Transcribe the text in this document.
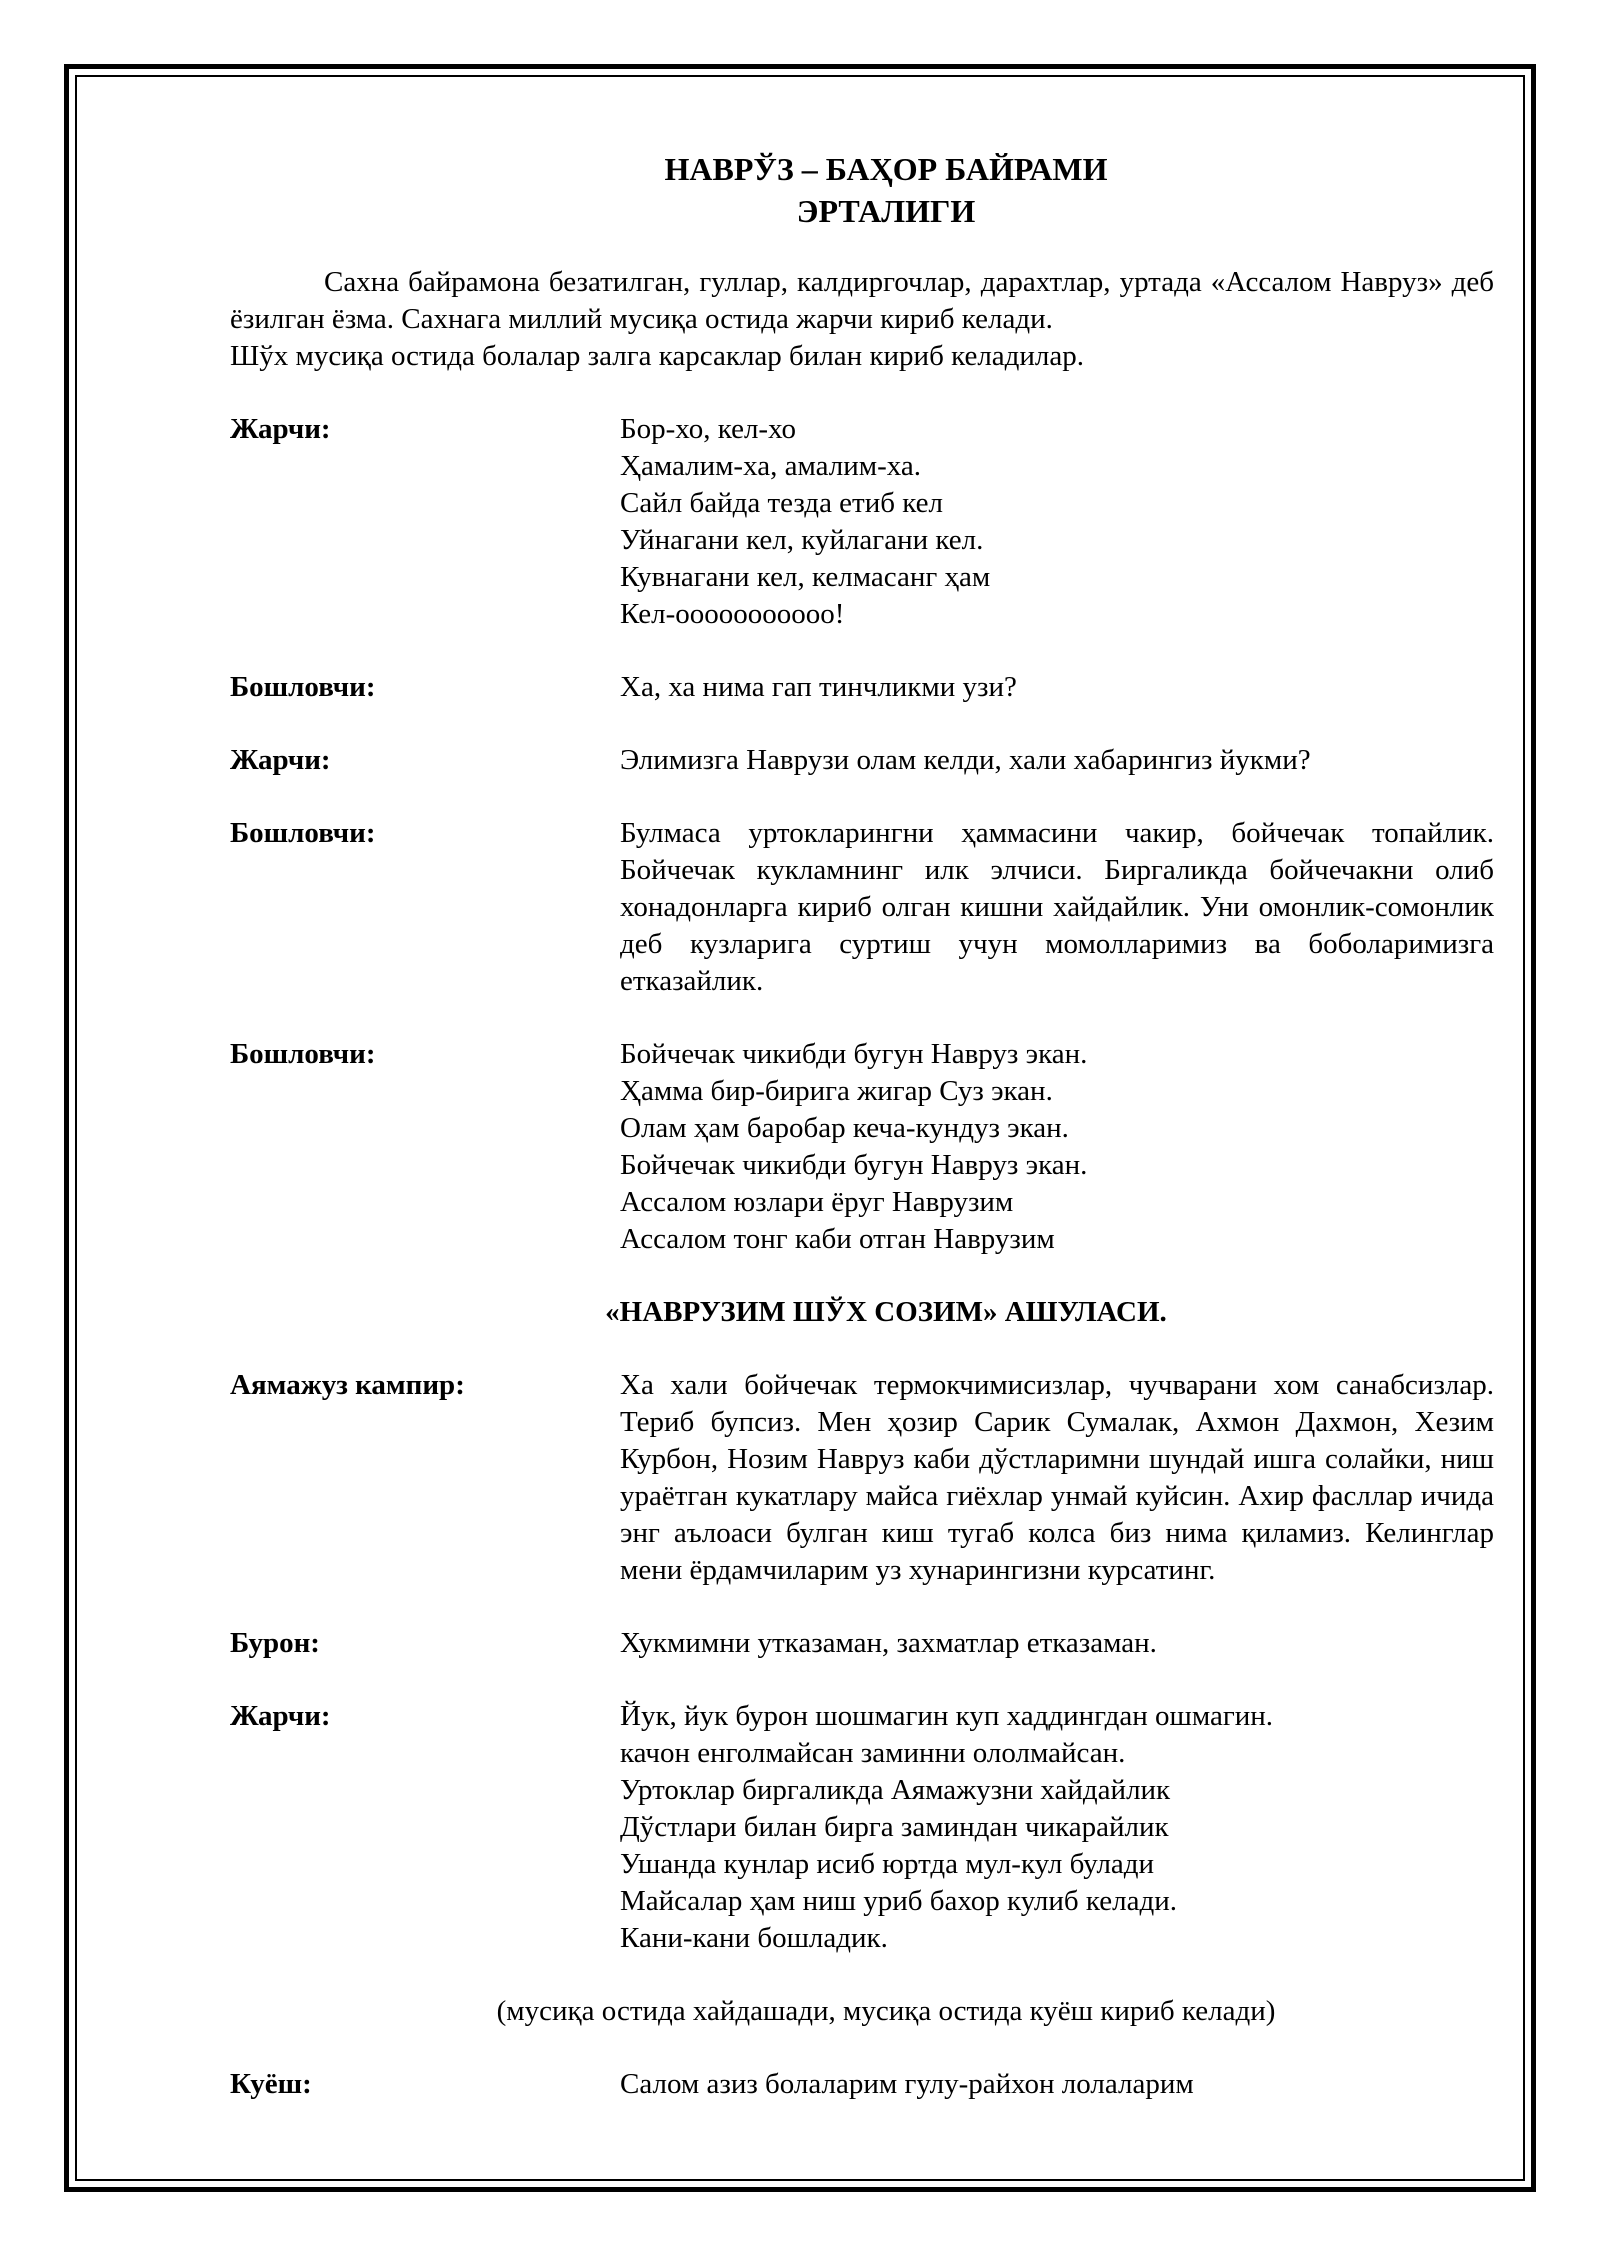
НАВРЎЗ – БАҲОР БАЙРАМИ
ЭРТАЛИГИ

Сахна байрамона безатилган, гуллар, калдиргочлар, дарахтлар, уртада «Ассалом Навруз» деб ёзилган ёзма. Сахнага миллий мусиқа остида жарчи кириб келади.

Шўх мусиқа остида болалар залга карсаклар билан кириб келадилар.

Жарчи:	Бор-хо, кел-хо
Ҳамалим-ха, амалим-ха.
Сайл байда тезда етиб кел
Уйнагани кел, куйлагани кел.
Кувнагани кел, келмасанг ҳам
Кел-ооооооооооо!
Бошловчи:	Ха, ха нима гап тинчликми узи?
Жарчи:	Элимизга Наврузи олам келди, хали хабарингиз йукми?
Бошловчи:	Булмаса уртокларингни ҳаммасини чакир, бойчечак топайлик. Бойчечак кукламнинг илк элчиси. Биргаликда бойчечакни олиб хонадонларга кириб олган кишни хайдайлик. Уни омонлик-сомонлик деб кузларига суртиш учун момолларимиз ва боболаримизга етказайлик.
Бошловчи:	Бойчечак чикибди бугун Навруз экан.
Ҳамма бир-бирига жигар Суз экан.
Олам ҳам баробар кеча-кундуз экан.
Бойчечак чикибди бугун Навруз экан.
Ассалом юзлари ёруг Наврузим
Ассалом тонг каби отган Наврузим
«НАВРУЗИМ ШЎХ СОЗИМ» АШУЛАСИ.
Аямажуз кампир:	Ха хали бойчечак термокчимисизлар, чучварани хом санабсизлар. Териб бупсиз. Мен ҳозир Сарик Сумалак, Ахмон Дахмон, Хезим Курбон, Нозим Навруз каби дўстларимни шундай ишга солайки, ниш ураётган кукатлару майса гиёхлар унмай куйсин. Ахир фасллар ичида энг аълоаси булган киш тугаб колса биз нима қиламиз. Келинглар мени ёрдамчиларим уз хунарингизни курсатинг.
Бурон:	Хукмимни утказаман, захматлар етказаман.
Жарчи:	Йук, йук бурон шошмагин куп хаддингдан ошмагин.
качон енголмайсан заминни ололмайсан.
Уртоклар биргаликда Аямажузни хайдайлик
Дўстлари билан бирга заминдан чикарайлик
Ушанда кунлар исиб юртда мул-кул булади
Майсалар ҳам ниш уриб бахор кулиб келади.
Кани-кани бошладик.
(мусиқа остида хайдашади, мусиқа остида куёш кириб келади)
Куёш:	Салом азиз болаларим гулу-райхон лолаларим
